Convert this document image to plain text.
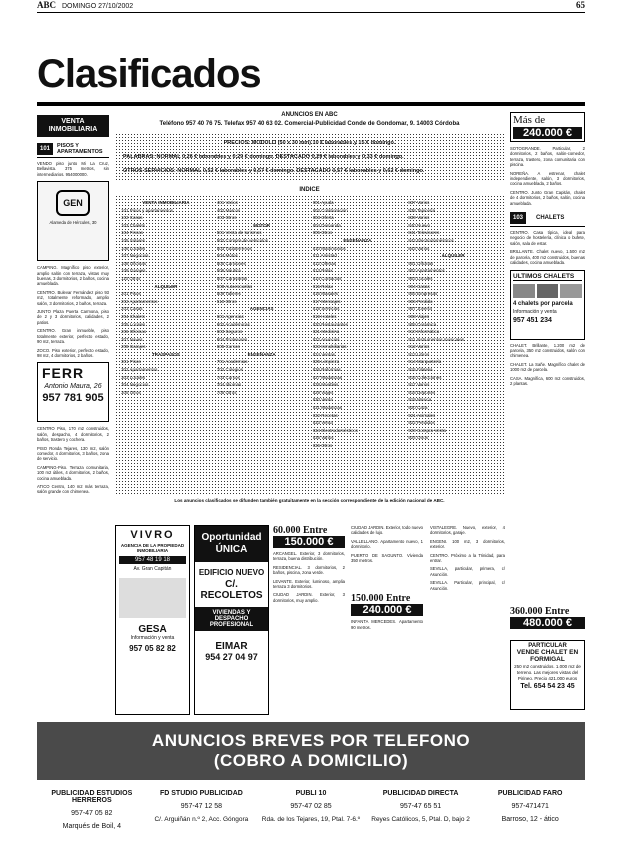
ABC DOMINGO 27/10/2002	65
Clasificados
VENTA INMOBILIARIA
101	PISOS Y APARTAMENTOS
VENDO piso junto Mi La Cruz, Bellavista. 375 metros, sin intermediarios. 954000000.
GEN
Alameda de Hércules, 30
CAMPING. Magnífico piso exterior, amplio salón con terraza, vistas muy buenas, 3 dormitorios, 2 baños, cocina amueblada.
CENTRO. Bulevar Fernández piso 93 m2, totalmente reformado, amplio salón, 3 dormitorios, 2 baños, terraza.
JUNTO Plaza Puerta Carmona, piso de 2 y 3 dormitorios, calidades, 2 patios.
CENTRO. Gran inmueble, piso totalmente exterior, perfecto estado, 90 m2, terraza.
ZOCO. Piso exterior, perfecto estado, 98 m2, 4 dormitorios, 2 baños.
FERR
Antonio Maura, 26
957 781 905
CENTRO Piso, 170 m2 construidos, salón, despacho, 4 dormitorios, 2 baños, trastero y cochera.
PISO Ronda Tejares, 130 m2, salón comedor, 4 dormitorios, 3 baños, zona de servicio.
CAMPING-Piso. Terraza comunitaria, 100 m2 útiles, 4 dormitorios, 2 baños, cocina amueblada.
ATICO Centro, 140 m2 más terraza, salón grande con chimenea.
ANUNCIOS EN ABC
Teléfono 957 40 76 75. Telefax 957 40 63 02. Comercial-Publicidad Conde de Gondomar, 9. 14003 Córdoba
PRECIOS: MODULO (50 x 30 mm) 10 € laborables y 15 € domingo.
PALABRAS: NORMAL 0,26 € laborables y 0,29 € domingo. DESTACADO 0,29 € laborables y 0,33 € domingo.
OTROS SERVICIOS: NORMAL 0,52 € laborables y 0,57 € domingo. DESTACADO 0,57 € laborables y 0,62 € domingo.
INDICE
VENTA INMOBILIARIA
101 Pisos y apartamentos
102 Casas
103 Chalets
104 Fincas
105 Solares
106 Locales
107 Negocios
108 Oficinas
109 Garajes
110 Otros
ALQUILER
201 Pisos
202 Apartamentos
203 Casas
204 Chalets
205 Locales
206 Oficinas
207 Naves
208 Garajes
TRASPASOS
301 Pisos
302 Apartamentos
303 Locales
304 Negocios
305 Otros
401 Varios
402 Marcos
403 Otros
MOTOR
501 Venta de turismos
502 Compra de vehículos
503 Todoterrenos
504 Motos
505 Camiones
506 Náutica
507 Caravanas
508 Autoescuelas
509 Talleres
510 Otros
AGENCIAS
601 Agencias
602 Académicas
603 Seguros
604 Profesores
605 Cursos
ENSEÑANZA
701 Academias
702 Colegios
703 Cursos
704 Idiomas
705 Otros
801 Ayuda
802 Colaboración
803 Oferta
804 Demanda
805 Otros
ENSEÑANZA
810 Matrimonios
811 Amistad
812 Ofertas
813 Relax
814 Contactos
815 Relax
816 Masajes
817 Mensajes
818 Servicios
819 Hoteles
820 Restaurantes
821 Medicina
822 Anuncios
823 Inmobiliarias
824 Ventas
825 Limpieza
826 Reformas
827 Mudanzas
828 Muebles
829 Viajes
830 Venta
831 Mudanzas
832 Recetas
833 Venta
834 Electrodomésticos
835 Varios
836 Otros
837 Varios
838 Tapicería
839 Varios
840 Nuevo
841 Televisores
842 Electrodomésticos
843 Varios
ALQUILER
901 Oficinas
902 Apartamentos
903 Locales
904 Casas
905 Empresas
906 Perdido
907 Joyería
908 Viajes
909 Cerámica
910 Informática
911 Instrumentos musicales
912 Varios
913 Libros
914 Marquetería
915 Filatelia
916 Colecciones
917 Varios
918 Deportes
919 Música
920 Caza
921 Animales
922 Perdidos
923 Compra-Venta
924 Otros
Los anuncios clasificados se difunden también gratuitamente en la sección correspondiente de la edición nacional de ABC.
Más de
240.000 €
SOTOGRANDE. Particular, 2 dormitorios, 2 baños, salón-comedor, terraza, trastero, zona comunitaria con piscina.
NOREÑA. A estrenar, chalet independiente, salón, 3 dormitorios, cocina amueblada, 2 baños.
CENTRO. Junto Gran Capitán, chalet de 4 dormitorios, 2 baños, salón, cocina amueblada.
103	CHALETS
CENTRO. Casa típica, ideal para negocio de hostelería, clínica o bufete, salón, sala de estar.
BRILLANTE. Chalet nuevo, 1.500 m2 de parcela, 400 m2 construidos, buenas calidades, cocina amueblada.
ULTIMOS CHALETS
4 chalets por parcela
Información y venta
957 451 234
CHALET. Brillante, 1.200 m2 de parcela, 350 m2 construidos, salón con chimenea.
CHALET. La Sañe. Magnífico chalet de 1000 m2 de parcela.
CASA. Magnífica, 600 m2 construidos, 2 plantas.
360.000 Entre
480.000 €
PARTICULAR
VENDE CHALET EN FORMIGAL
250 m2 construidos. 1.000 m2 de terreno. Las mejores vistas del Pirineo. Precio 421.000 euros
Tel. 654 54 23 45
VIVRO
AGENCIA DE LA PROPIEDAD INMOBILIARIA
957 48 19 18
Av. Gran Capitán
GESA
Información y venta
957 05 82 82
Oportunidad ÚNICA
EDIFICIO NUEVO
C/. RECOLETOS
VIVIENDAS Y DESPACHO PROFESIONAL
EIMAR
954 27 04 97
60.000 Entre
150.000 €
ARCANGEL. Exterior, 3 dormitorios, terraza, buena distribución.
RESIDENCIAL. 3 dormitorios, 2 baños, piscina, zona verde.
LEVANTE. Exterior, luminoso, amplia terraza 3 dormitorios.
CIUDAD JARDIN. Exterior, 3 dormitorios, muy amplio.
CIUDAD JARDIN. Exterior, todo nuevo calidades de lujo.
VALLELLANO. Apartamento nuevo, 1 dormitorio.
PUERTO DE SAGUNTO. Vivienda 350 metros.
150.000 Entre
240.000 €
INFANTA MERCEDES. Apartamento 90 metros.
VISTALEGRE. Nuevo, exterior, 4 dormitorios, garaje.
ENGENI. 100 m2, 3 dormitorios, exterior.
CENTRO. Próximo a la Trinidad, para entrar.
SEVILLA, particular, primera, c/ Asunción.
SEVILLA. Particular, principal, c/ Asunción.
ANUNCIOS BREVES POR TELEFONO
(COBRO A DOMICILIO)
PUBLICIDAD ESTUDIOS HERREROS
957-47 05 82
Marqués de Boil, 4
FD STUDIO PUBLICIDAD
957-47 12 58
C/. Arguiñán n.º 2, Acc. Góngora
PUBLI 10
957-47 02 85
Rda. de los Tejares, 19, Ptal. 7-6.º
PUBLICIDAD DIRECTA
957-47 65 51
Reyes Católicos, 5, Ptal. D, bajo 2
PUBLICIDAD FARO
957-471471
Barroso, 12 - ático
